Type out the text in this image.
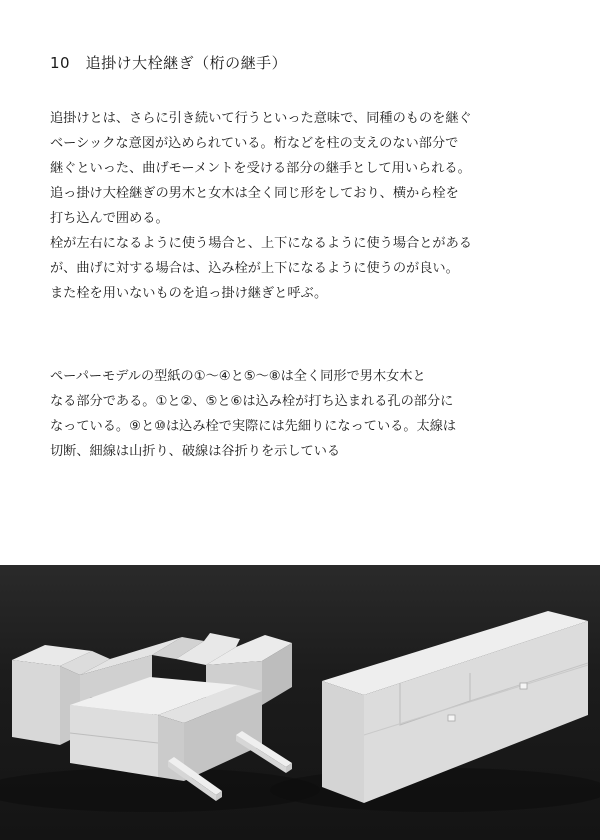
10　追掛け大栓継ぎ（桁の継手）
追掛けとは、さらに引き続いて行うといった意味で、同種のものを継ぐ
ベーシックな意図が込められている。桁などを柱の支えのない部分で
継ぐといった、曲げモーメントを受ける部分の継手として用いられる。
追っ掛け大栓継ぎの男木と女木は全く同じ形をしており、横から栓を
打ち込んで囲める。
栓が左右になるように使う場合と、上下になるように使う場合とがある
が、曲げに対する場合は、込み栓が上下になるように使うのが良い。
また栓を用いないものを追っ掛け継ぎと呼ぶ。
ペーパーモデルの型紙の①～④と⑤～⑧は全く同形で男木女木と
なる部分である。①と②、⑤と⑥は込み栓が打ち込まれる孔の部分に
なっている。⑨と⑩は込み栓で実際には先細りになっている。太線は
切断、細線は山折り、破線は谷折りを示している
